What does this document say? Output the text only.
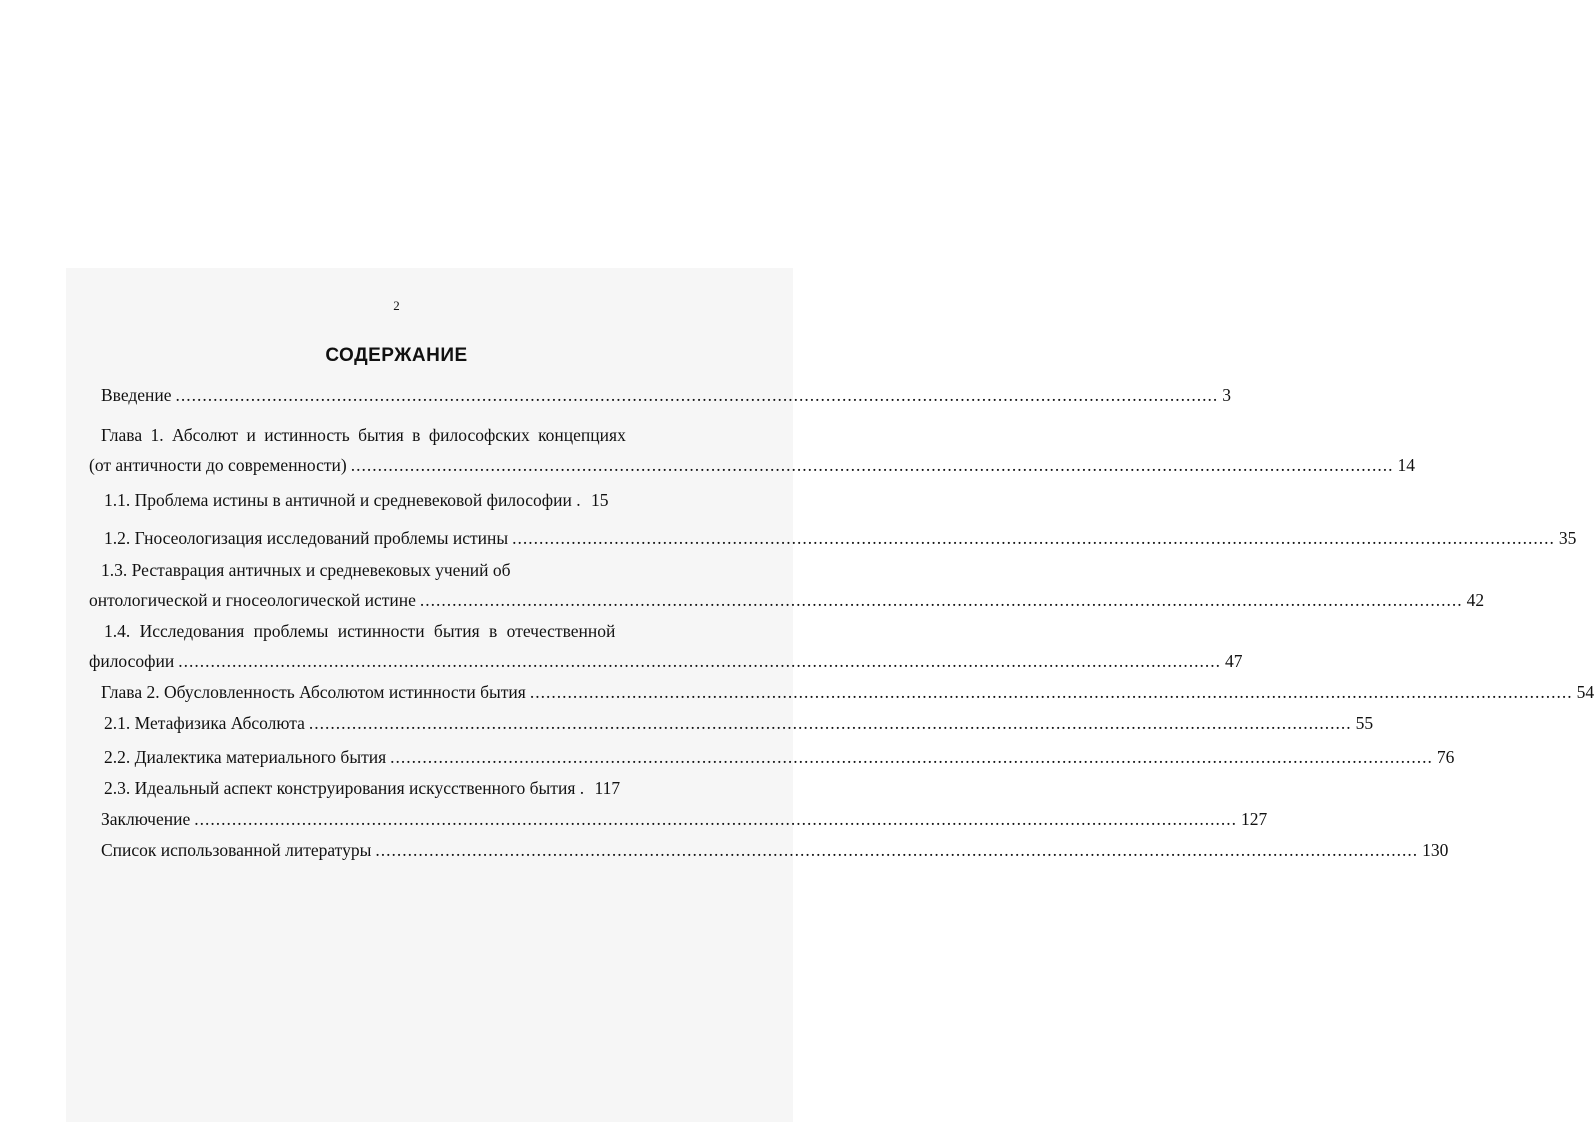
2
СОДЕРЖАНИЕ
Введение .................................................................................................................................................................................................. 3
Глава 1. Абсолют и истинность бытия в философских концепциях
(от античности до современности) .................................................................................................................................................................................................. 14
1.1. Проблема истины в античной и средневековой философии . 15
1.2. Гносеологизация исследований проблемы истины .................................................................................................................................................................................................. 35
1.3. Реставрация античных и средневековых учений об
онтологической и гносеологической истине .................................................................................................................................................................................................. 42
1.4. Исследования проблемы истинности бытия в отечественной
философии .................................................................................................................................................................................................. 47
Глава 2. Обусловленность Абсолютом истинности бытия .................................................................................................................................................................................................. 54
2.1. Метафизика Абсолюта .................................................................................................................................................................................................. 55
2.2. Диалектика материального бытия .................................................................................................................................................................................................. 76
2.3. Идеальный аспект конструирования искусственного бытия . 117
Заключение .................................................................................................................................................................................................. 127
Список использованной литературы .................................................................................................................................................................................................. 130
